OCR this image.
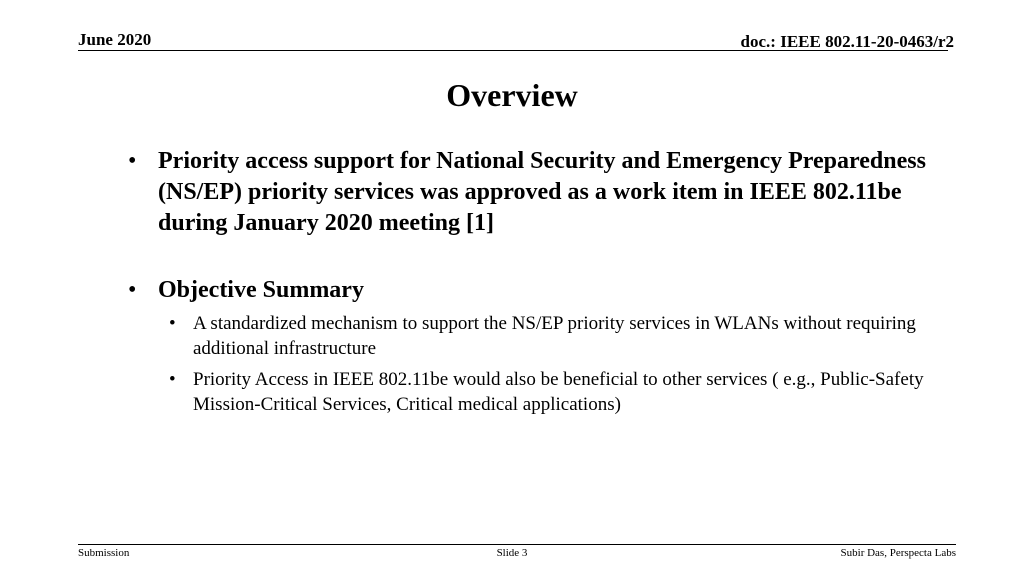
June 2020	doc.: IEEE 802.11-20-0463/r2
Overview
• Priority access support for National Security and Emergency Preparedness (NS/EP) priority services was approved as a work item in IEEE 802.11be during January 2020 meeting [1]
• Objective Summary
• A standardized mechanism to support the NS/EP priority services in WLANs without requiring additional infrastructure
• Priority Access in IEEE 802.11be would also be beneficial to other services ( e.g., Public-Safety Mission-Critical Services, Critical medical applications)
Submission	Slide 3	Subir Das, Perspecta Labs
